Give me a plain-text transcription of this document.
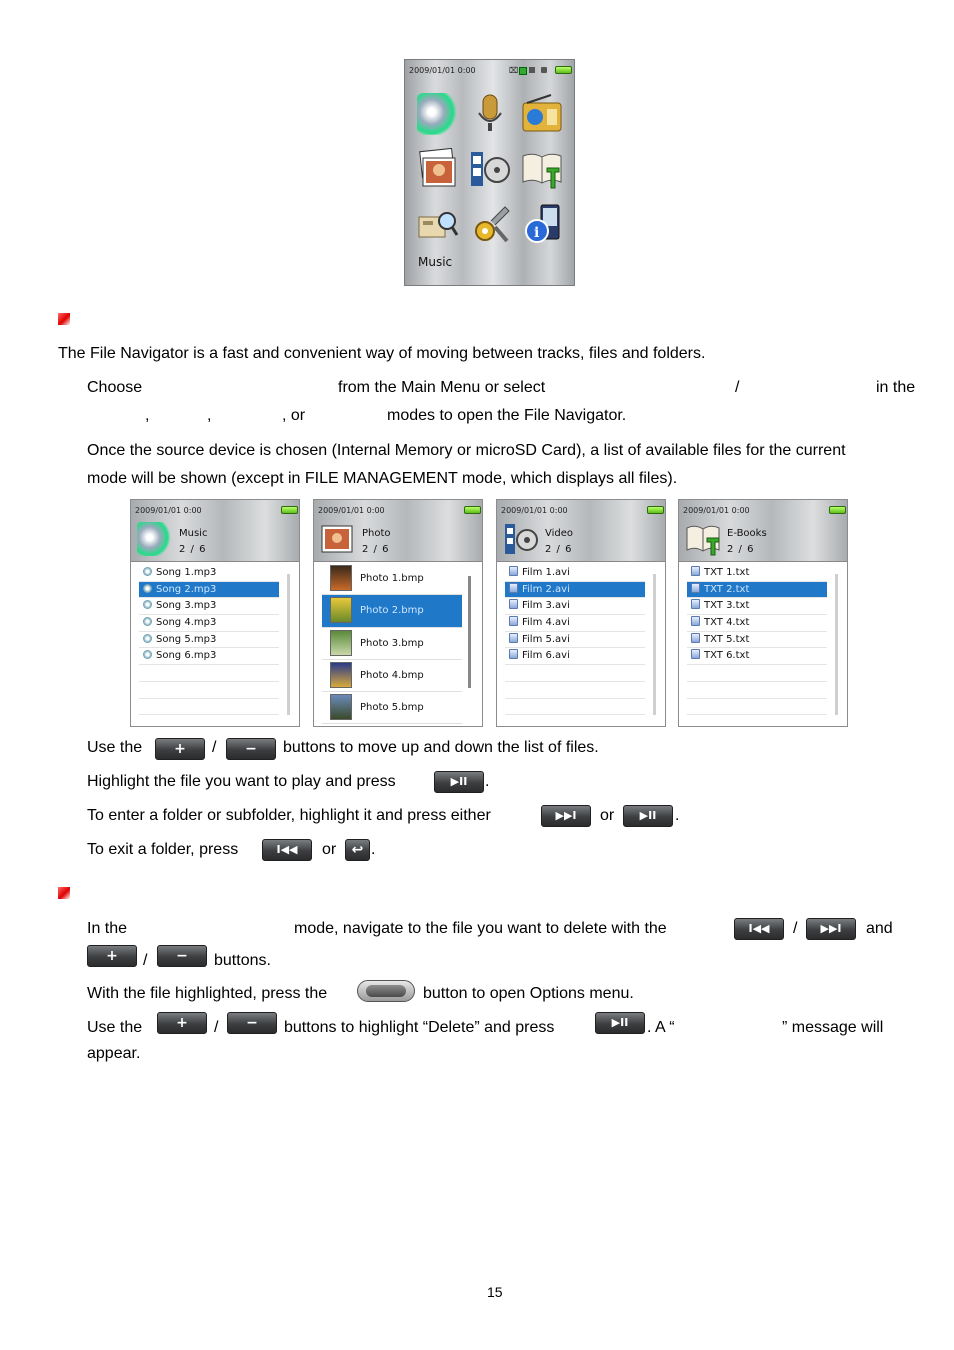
2009/01/01 0:00	⌧
i
Music
The File Navigator is a fast and convenient way of moving between tracks, files and folders.
Choose	from the Main Menu or select	/	in the
,	,	, or	modes to open the File Navigator.
Once the source device is chosen (Internal Memory or microSD Card), a list of available files for the current
mode will be shown (except in FILE MANAGEMENT mode, which displays all files).
2009/01/01 0:00
Music
2 / 6
Song 1.mp3
Song 2.mp3
Song 3.mp3
Song 4.mp3
Song 5.mp3
Song 6.mp3
2009/01/01 0:00
Photo
2 / 6
Photo 1.bmp
Photo 2.bmp
Photo 3.bmp
Photo 4.bmp
Photo 5.bmp
2009/01/01 0:00
Video
2 / 6
Film 1.avi
Film 2.avi
Film 3.avi
Film 4.avi
Film 5.avi
Film 6.avi
2009/01/01 0:00
E-Books
2 / 6
TXT 1.txt
TXT 2.txt
TXT 3.txt
TXT 4.txt
TXT 5.txt
TXT 6.txt
Use the	+	/	−	buttons to move up and down the list of files.
Highlight the file you want to play and press	▶II	.
To enter a folder or subfolder, highlight it and press either	▶▶I	or	▶II	.
To exit a folder, press	I◀◀	or	↩ .
In the	mode, navigate to the file you want to delete with the	I◀◀	/	▶▶I	and
+	/	−	buttons.
With the file highlighted, press the	button to open Options menu.
Use the	+	/	−	buttons to highlight “Delete” and press	▶II	. A “	” message will
appear.
15
